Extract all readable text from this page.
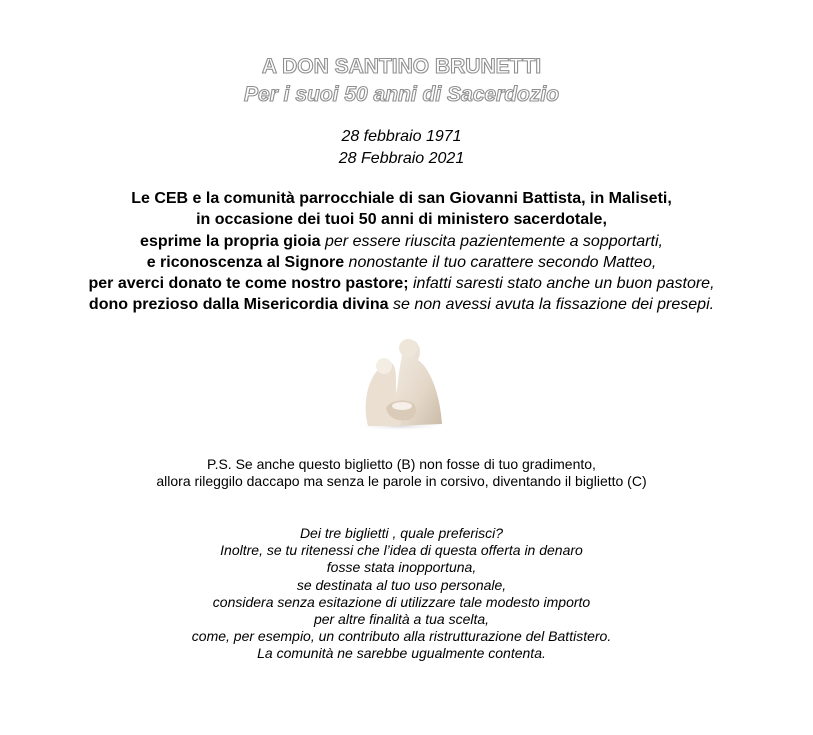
A DON SANTINO BRUNETTI
Per i suoi 50 anni di Sacerdozio
28 febbraio 1971
28 Febbraio 2021
Le CEB e la comunità parrocchiale di san Giovanni Battista, in Maliseti,
in occasione dei tuoi 50 anni di ministero sacerdotale,
esprime la propria gioia per essere riuscita pazientemente a sopportarti,
e riconoscenza al Signore nonostante il tuo carattere secondo Matteo,
per averci donato te come nostro pastore; infatti saresti stato anche un buon pastore,
dono prezioso dalla Misericordia divina se non avessi avuta la fissazione dei presepi.
P.S. Se anche questo biglietto (B) non fosse di tuo gradimento,
allora rileggilo daccapo ma senza le parole in corsivo, diventando il biglietto (C)
Dei tre biglietti , quale preferisci?
Inoltre, se tu ritenessi che l’idea di questa offerta in denaro
fosse stata inopportuna,
se destinata al tuo uso personale,
considera senza esitazione di utilizzare tale modesto importo
per altre finalità a tua scelta,
come, per esempio, un contributo alla ristrutturazione del Battistero.
La comunità ne sarebbe ugualmente contenta.
